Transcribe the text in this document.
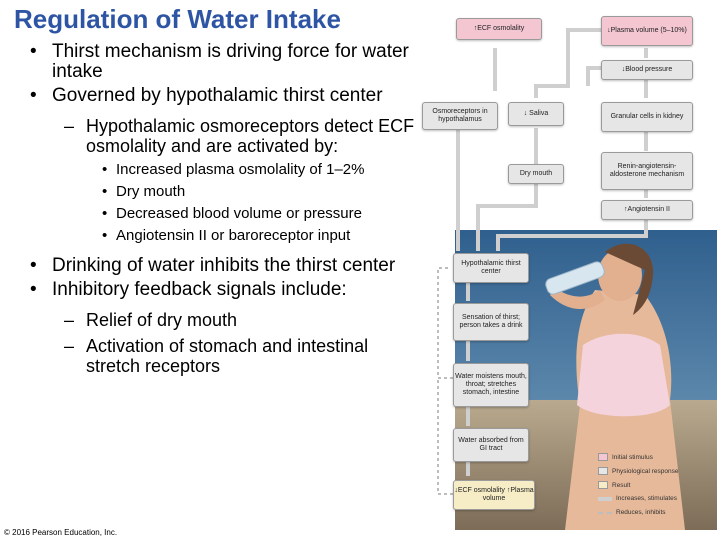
Regulation of Water Intake
• Thirst mechanism is driving force for water intake
• Governed by hypothalamic thirst center
– Hypothalamic osmoreceptors detect ECF osmolality and are activated by:
• Increased plasma osmolality of 1–2%
• Dry mouth
• Decreased blood volume or pressure
• Angiotensin II or baroreceptor input
• Drinking of water inhibits the thirst center
• Inhibitory feedback signals include:
– Relief of dry mouth
– Activation of stomach and intestinal stretch receptors
© 2016 Pearson Education, Inc.
↑ECF osmolality	↓Plasma volume (5–10%)
↓Blood pressure
Osmoreceptors in hypothalamus
↓ Saliva	Granular cells in kidney
Dry mouth
Renin-angiotensin-aldosterone mechanism
↑Angiotensin II
Hypothalamic thirst center
Sensation of thirst; person takes a drink
Water moistens mouth, throat; stretches stomach, intestine
Water absorbed from GI tract
↓ECF osmolality ↑Plasma volume
Initial stimulus
Physiological response
Result
Increases, stimulates
Reduces, inhibits
